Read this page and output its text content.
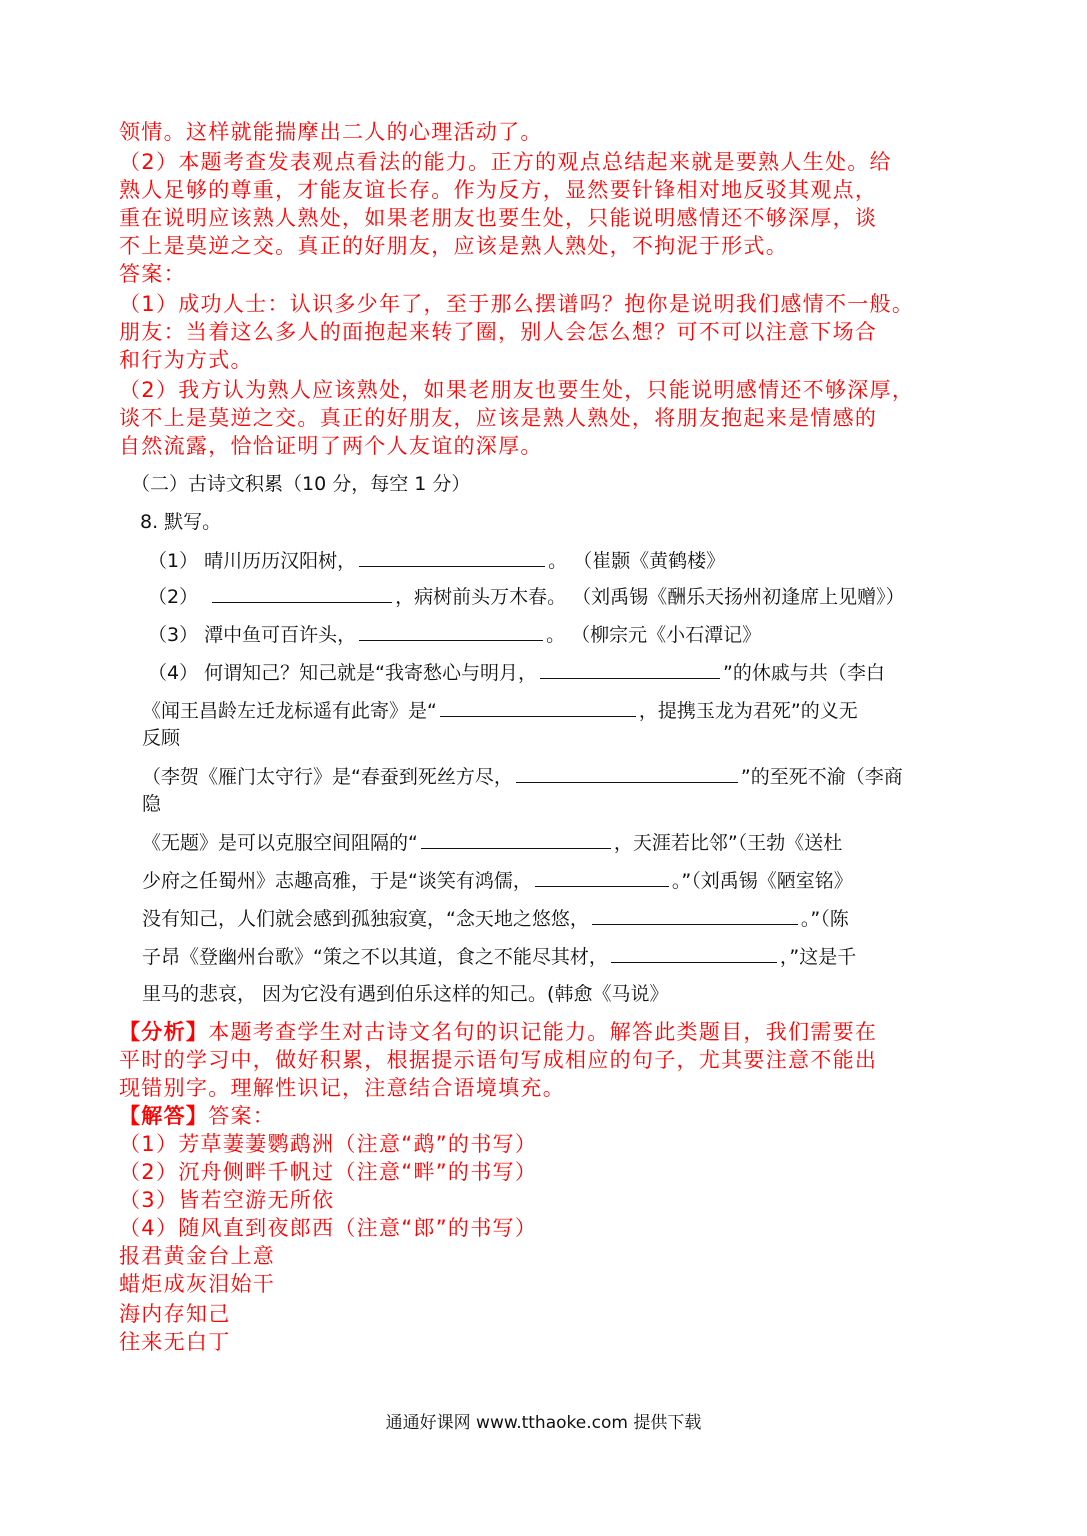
领情。这样就能揣摩出二人的心理活动了。
（2）本题考查发表观点看法的能力。正方的观点总结起来就是要熟人生处。给
熟人足够的尊重，才能友谊长存。作为反方，显然要针锋相对地反驳其观点，
重在说明应该熟人熟处，如果老朋友也要生处，只能说明感情还不够深厚，谈
不上是莫逆之交。真正的好朋友，应该是熟人熟处，不拘泥于形式。
答案：
（1）成功人士：认识多少年了，至于那么摆谱吗？抱你是说明我们感情不一般。
朋友：当着这么多人的面抱起来转了圈，别人会怎么想？可不可以注意下场合
和行为方式。
（2）我方认为熟人应该熟处，如果老朋友也要生处，只能说明感情还不够深厚，
谈不上是莫逆之交。真正的好朋友，应该是熟人熟处，将朋友抱起来是情感的
自然流露，恰恰证明了两个人友谊的深厚。
（二）古诗文积累（10 分，每空 1 分）
8. 默写。
（1） 晴川历历汉阳树，	。 （崔颢《黄鹤楼》
（2）	，病树前头万木春。 （刘禹锡《酬乐天扬州初逢席上见赠》）
（3） 潭中鱼可百许头，	。 （柳宗元《小石潭记》
（4） 何谓知己？知己就是“我寄愁心与明月，	”的休戚与共（李白
《闻王昌龄左迁龙标遥有此寄》是“	，提携玉龙为君死”的义无
反顾
（李贺《雁门太守行》是“春蚕到死丝方尽，	”的至死不渝（李商
隐
《无题》是可以克服空间阻隔的“	，天涯若比邻”（王勃《送杜
少府之任蜀州》志趣高雅，于是“谈笑有鸿儒，	。”（刘禹锡《陋室铭》
没有知己，人们就会感到孤独寂寞，“念天地之悠悠，	。”（陈
子昂《登幽州台歌》“策之不以其道，食之不能尽其材，	，”这是千
里马的悲哀， 因为它没有遇到伯乐这样的知己。(韩愈《马说》
【分析】本题考查学生对古诗文名句的识记能力。解答此类题目，我们需要在
平时的学习中，做好积累，根据提示语句写成相应的句子，尤其要注意不能出
现错别字。理解性识记，注意结合语境填充。
【解答】答案：
（1）芳草萋萋鹦鹉洲（注意“鹉”的书写）
（2）沉舟侧畔千帆过（注意“畔”的书写）
（3）皆若空游无所依
（4）随风直到夜郎西（注意“郎”的书写）
报君黄金台上意
蜡炬成灰泪始干
海内存知己
往来无白丁
通通好课网 www.tthaoke.com 提供下载
